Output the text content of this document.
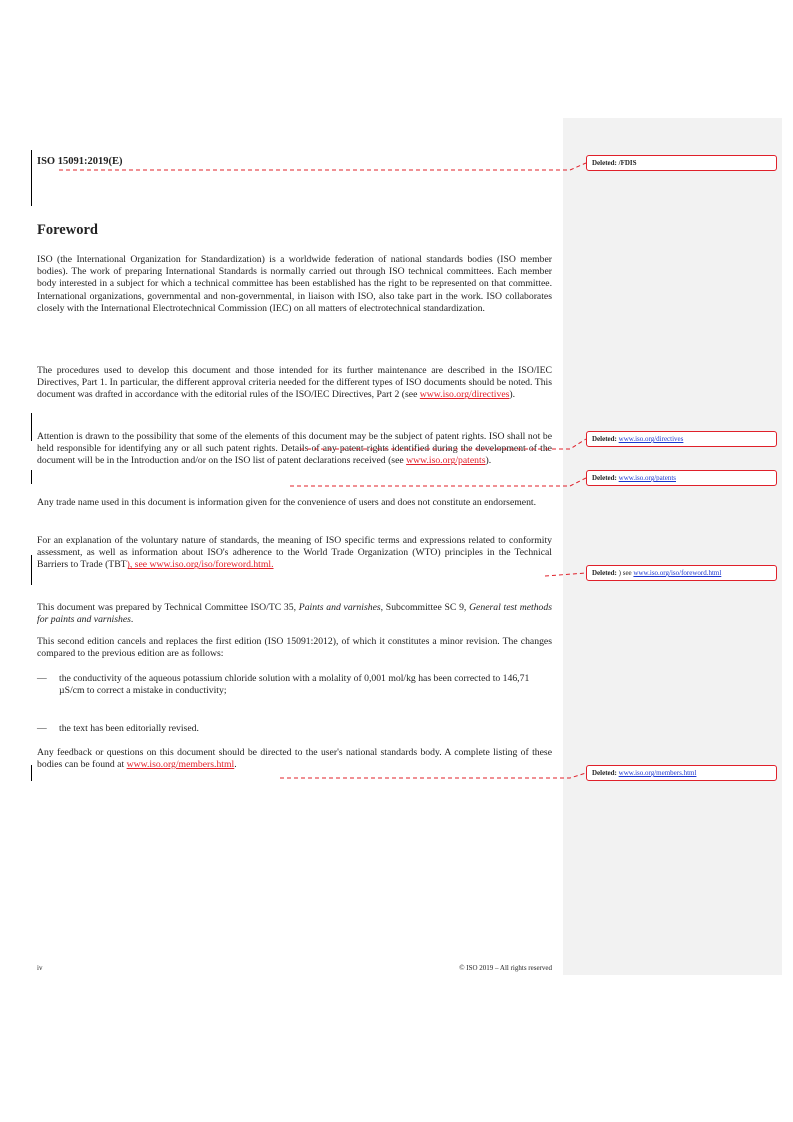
ISO 15091:2019(E)
Foreword
ISO (the International Organization for Standardization) is a worldwide federation of national standards bodies (ISO member bodies). The work of preparing International Standards is normally carried out through ISO technical committees. Each member body interested in a subject for which a technical committee has been established has the right to be represented on that committee. International organizations, governmental and non-governmental, in liaison with ISO, also take part in the work. ISO collaborates closely with the International Electrotechnical Commission (IEC) on all matters of electrotechnical standardization.
The procedures used to develop this document and those intended for its further maintenance are described in the ISO/IEC Directives, Part 1. In particular, the different approval criteria needed for the different types of ISO documents should be noted. This document was drafted in accordance with the editorial rules of the ISO/IEC Directives, Part 2 (see www.iso.org/directives).
Attention is drawn to the possibility that some of the elements of this document may be the subject of patent rights. ISO shall not be held responsible for identifying any or all such patent rights. Details of any patent rights identified during the development of the document will be in the Introduction and/or on the ISO list of patent declarations received (see www.iso.org/patents).
Any trade name used in this document is information given for the convenience of users and does not constitute an endorsement.
For an explanation of the voluntary nature of standards, the meaning of ISO specific terms and expressions related to conformity assessment, as well as information about ISO's adherence to the World Trade Organization (WTO) principles in the Technical Barriers to Trade (TBT), see www.iso.org/iso/foreword.html.
This document was prepared by Technical Committee ISO/TC 35, Paints and varnishes, Subcommittee SC 9, General test methods for paints and varnishes.
This second edition cancels and replaces the first edition (ISO 15091:2012), of which it constitutes a minor revision. The changes compared to the previous edition are as follows:
— the conductivity of the aqueous potassium chloride solution with a molality of 0,001 mol/kg has been corrected to 146,71 µS/cm to correct a mistake in conductivity;
— the text has been editorially revised.
Any feedback or questions on this document should be directed to the user's national standards body. A complete listing of these bodies can be found at www.iso.org/members.html.
Deleted: /FDIS
Deleted: www.iso.org/directives
Deleted: www.iso.org/patents
Deleted: ) see www.iso.org/iso/foreword.html
Deleted: www.iso.org/members.html
iv	© ISO 2019 – All rights reserved
